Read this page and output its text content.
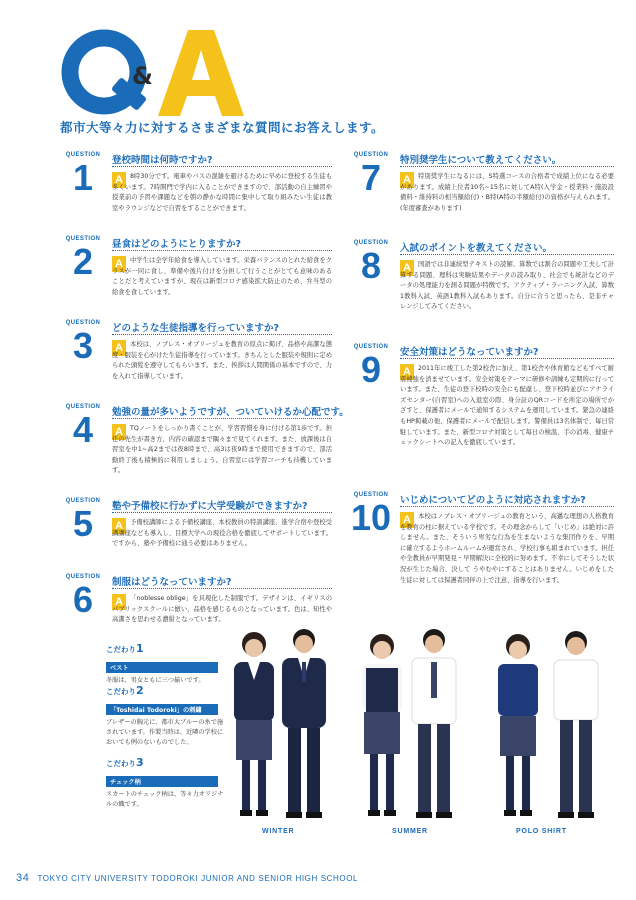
&
都市大等々力に対するさまざまな質問にお答えします。
QUESTION
1	登校時間は何時ですか?
A	8時30分です。電車やバスの混雑を避けるために早めに登校する生徒も多くいます。7時開門で学内に入ることができますので、部活動の自主練習や授業前の予習や課題などを朝の静かな時間に集中して取り組みたい生徒は教室やラウンジなどで自習をすることができます。
QUESTION
2	昼食はどのようにとりますか?
A	中学生は全学年給食を導入しています。栄養バランスのとれた給食をクラスが一同に食し、準備や後片付けを分担して行うことがとても意味のあることだと考えていますが、現在は新型コロナ感染拡大防止のため、弁当型の給食を食しています。
QUESTION
3	どのような生徒指導を行っていますか?
A	本校は、ノブレス・オブリージュを教育の原点に掲げ、品格や高潔な態度・服装を心がけた生徒指導を行っています。きちんとした服装や規則に定められた頭髪を遵守してもらいます。また、挨拶は人間関係の基本ですので、力を入れて指導しています。
QUESTION
4	勉強の量が多いようですが、ついていけるか心配です。
A	TQノートをしっかり書くことが、学習習慣を身に付ける第1歩です。担任の先生が書き方、内容の確認まで隅々まで見てくれます。また、放課後は自習室を中1~高2までは夜8時まで、高3は夜9時まで使用できますので、部活動終了後も積極的に利用しましょう。自習室には学習コーチも待機しています。
QUESTION
5	塾や予備校に行かずに大学受験ができますか?
A	予備校講師による予備校講座、本校教員の特訓講座、進学合宿や登校受講講座なども導入し、目標大学への現役合格を徹底してサポートしています。ですから、塾や予備校に通う必要はありません。
QUESTION
6	制服はどうなっていますか?
A	「noblesse oblige」を具現化した制服です。デザインは、イギリスのパブリックスクールに倣い、品格を感じるものとなっています。色は、知性や高潔さを思わせる濃紺となっています。
QUESTION
7	特別奨学生について教えてください。
A	特別奨学生になるには、S特選コースの合格者で成績上位になる必要があります。成績上位者10名~15名に対してA特(入学金・授業料・施設設備料・維持料の相当額給付)・B特(A特の半額給付)の資格が与えられます。(年度審査があります)
QUESTION
8	入試のポイントを教えてください。
A	国語では非連続型テキストの読解、算数では割合の問題や工夫して計算する問題、理科は実験結果やデータの読み取り、社会でも統計などのデータの処理能力を測る問題が特徴です。アクティブ・ラーニング入試、算数1教科入試、英語1教科入試もあります。自分に合うと思ったら、是非チャレンジしてみてください。
QUESTION
9	安全対策はどうなっていますか?
A	2011年に竣工した第2校舎に加え、第1校舎や体育館などもすべて耐震補強を済ませています。安全対策をテーマに研修や訓練も定期的に行っています。また、生徒の登下校時の安全にも配慮し、登下校時並びにアナライズセンター(自習室)への入退室の際、身分証のQRコードを所定の場所でかざすと、保護者にメールで通知するシステムを運用しています。緊急の連絡もHP掲載の他、保護者にメールで配信します。警備員は3名体制で、毎日常駐しています。また、新型コロナ対策として毎日の検温、手の消毒、健康チェックシートへの記入を徹底しています。
QUESTION
10 いじめについてどのように対応されますか?
A	本校はノブレス・オブリージュの教育という、高邁な理想の人格教育を教育の柱に据えている学校です。その理念からして「いじめ」は絶対に許しません。また、そういう卑劣な行為を生まないような集団作りを、早期に確立するようホームルームが運営され、学校行事も組まれています。担任や全教員が早期発見・早期解決に全校的に努めます。不幸にしてそうした状況が生じた場合、決して うやむやにすることはありません。いじめをした生徒に対しては保護者同伴の上で注意、指導を行います。
こだわり1
ベスト
冬服は、男女ともに三つ揃いです。
こだわり2
「Toshidai Todoroki」の刺繍
ブレザーの胸元に、都市大ブルーの糸で施されています。作製当時は、近隣の学校においても例のないものでした。
こだわり3
チェック柄
スカートのチェック柄は、等々力オリジナルの織です。
WINTER	SUMMER	POLO SHIRT
34 TOKYO CITY UNIVERSITY TODOROKI JUNIOR AND SENIOR HIGH SCHOOL
